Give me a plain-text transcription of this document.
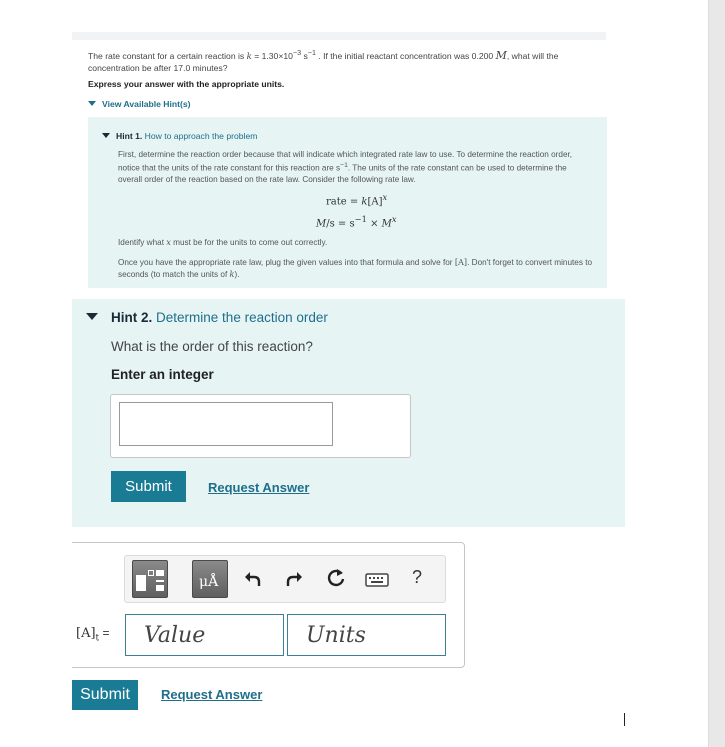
The rate constant for a certain reaction is $k = 1.30\times 10^{-3}$ $s^{-1}$ . If the initial reactant concentration was 0.200 M, what will the concentration be after 17.0 minutes?
Express your answer with the appropriate units.
View Available Hint(s)
Hint 1. How to approach the problem
First, determine the reaction order because that will indicate which integrated rate law to use. To determine the reaction order, notice that the units of the rate constant for this reaction are $s^{-1}$. The units of the rate constant can be used to determine the overall order of the reaction based on the rate law. Consider the following rate law.
rate = $k[A]^x$
$M/s = s^{-1} \times M^x$
Identify what x must be for the units to come out correctly.
Once you have the appropriate rate law, plug the given values into that formula and solve for [A]. Don't forget to convert minutes to seconds (to match the units of k).
Hint 2. Determine the reaction order
What is the order of this reaction?
Enter an integer
Submit	Request Answer
μÅ	?
$[A]_t$ =
Value
Units
Submit	Request Answer
